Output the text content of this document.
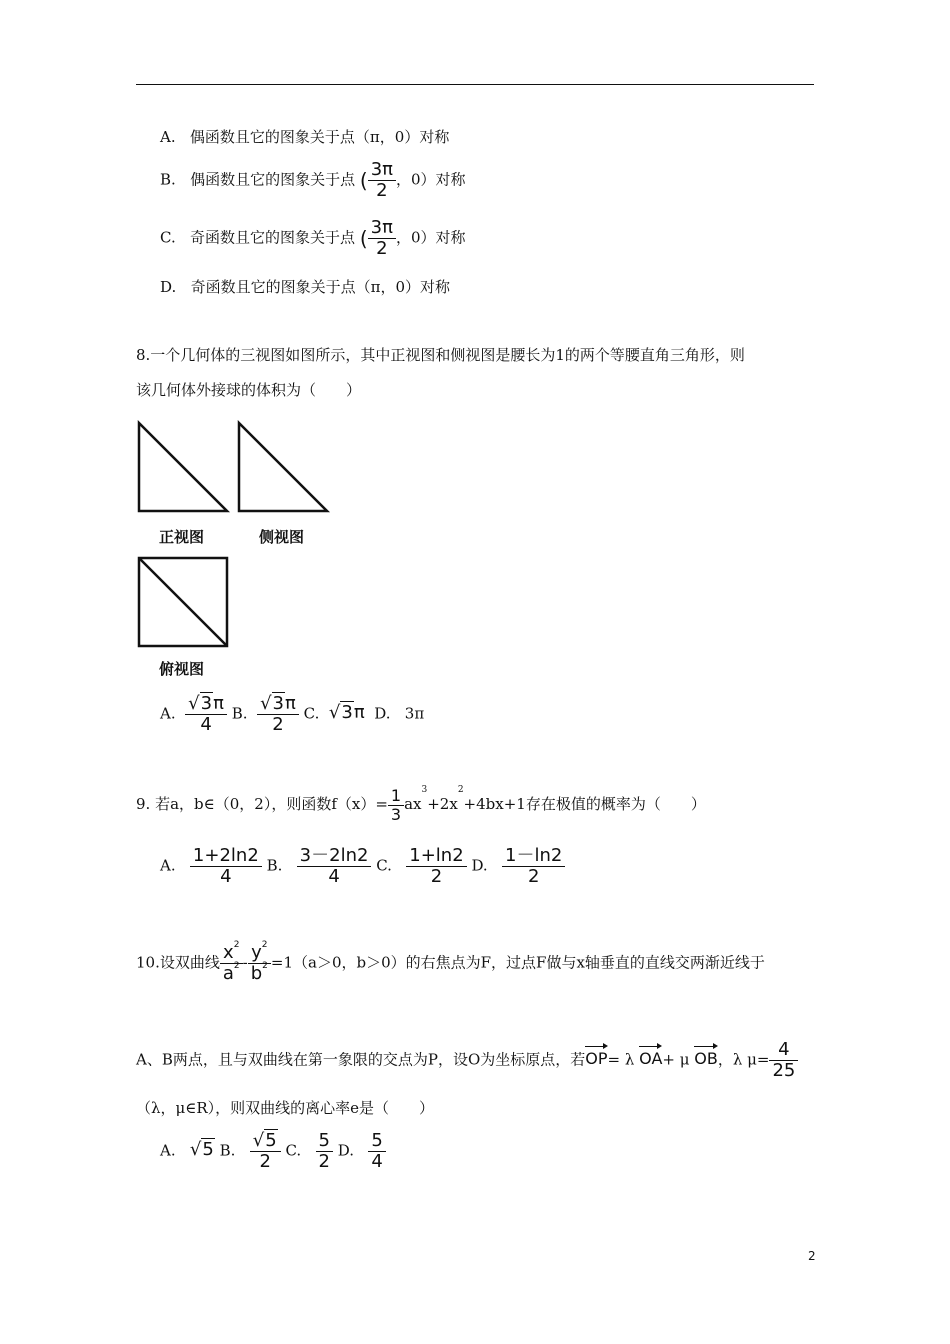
A. 偶函数且它的图象关于点（π，0）对称
B. 偶函数且它的图象关于点 ( $\frac{3\pi}{2}$ ，0）对称
C. 奇函数且它的图象关于点 ( $\frac{3\pi}{2}$ ，0）对称
D. 奇函数且它的图象关于点（π，0）对称
8.一个几何体的三视图如图所示，其中正视图和侧视图是腰长为1的两个等腰直角三角形，则
该几何体外接球的体积为（　　）
正视图	侧视图
俯视图
A. $\frac{√3\pi}{4} B$. $\frac{√3\pi}{2} C$. √3π D. 3π
9. 若a，b∈（0，2），则函数$f(x)= \frac{1}{3} ax^3+2x^2+4bx+1$存在极值的概率为（　　）
A. $\frac{1+2\ln 2}{4} B$. $\frac{3-2\ln 2}{4} C$. $\frac{1+\ln 2}{2} D$. $\frac{1-\ln 2}{2}$
10.设双曲线 $\frac{x^2}{a^2} - \frac{y^2}{b^2} =1(a>0$，b＞0）的右焦点为F，过点F做与x轴垂直的直线交两渐近线于
A、B两点，且与双曲线在第一象限的交点为P，设O为坐标原点，若OP= λ OA+ μ OB，λ $\mu= \frac{4}{25}$
（λ，μ∈R），则双曲线的离心率e是（　　）
A. √5 B. $\frac{√5}{2} C$. $\frac{5}{2} D$. $\frac{5}{4}$
2
